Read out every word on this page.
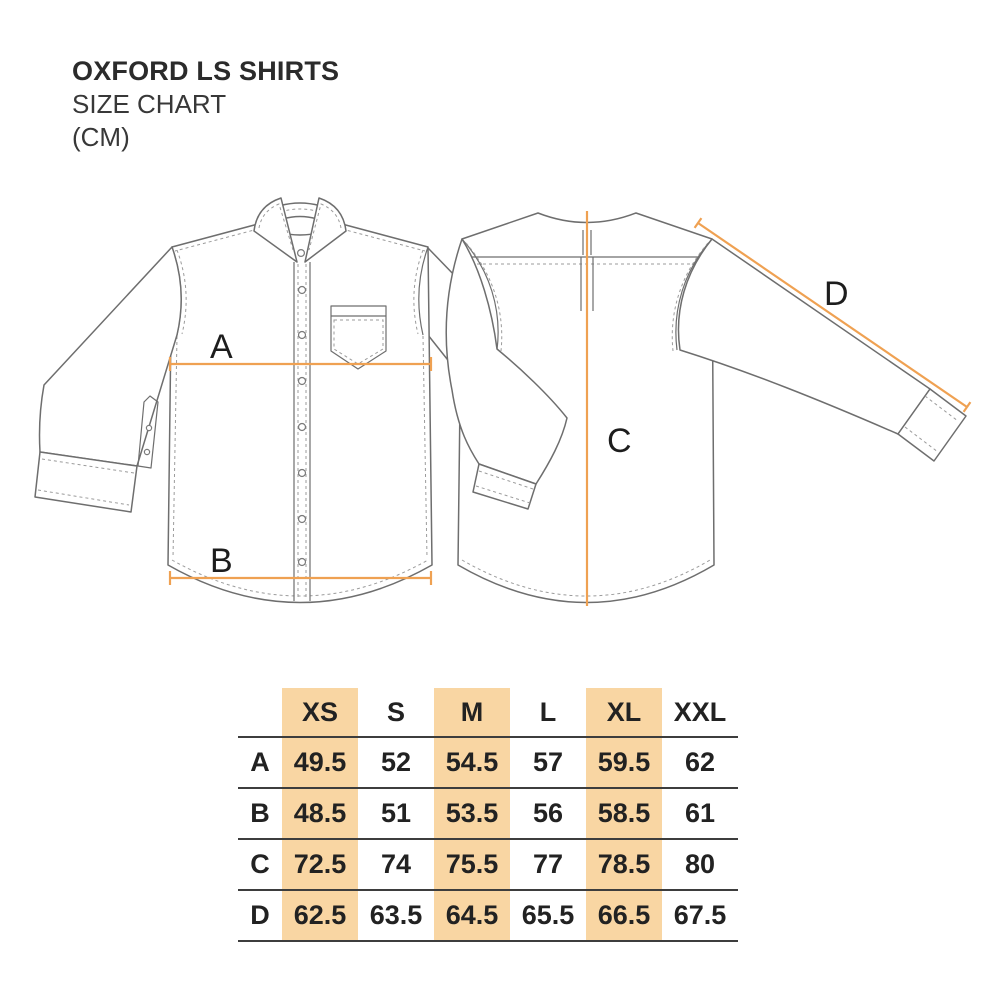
OXFORD LS SHIRTS
SIZE CHART
(CM)
A
B
C
D
	XS	S	M	L	XL	XXL
A	49.5	52	54.5	57	59.5	62
B	48.5	51	53.5	56	58.5	61
C	72.5	74	75.5	77	78.5	80
D	62.5	63.5	64.5	65.5	66.5	67.5
